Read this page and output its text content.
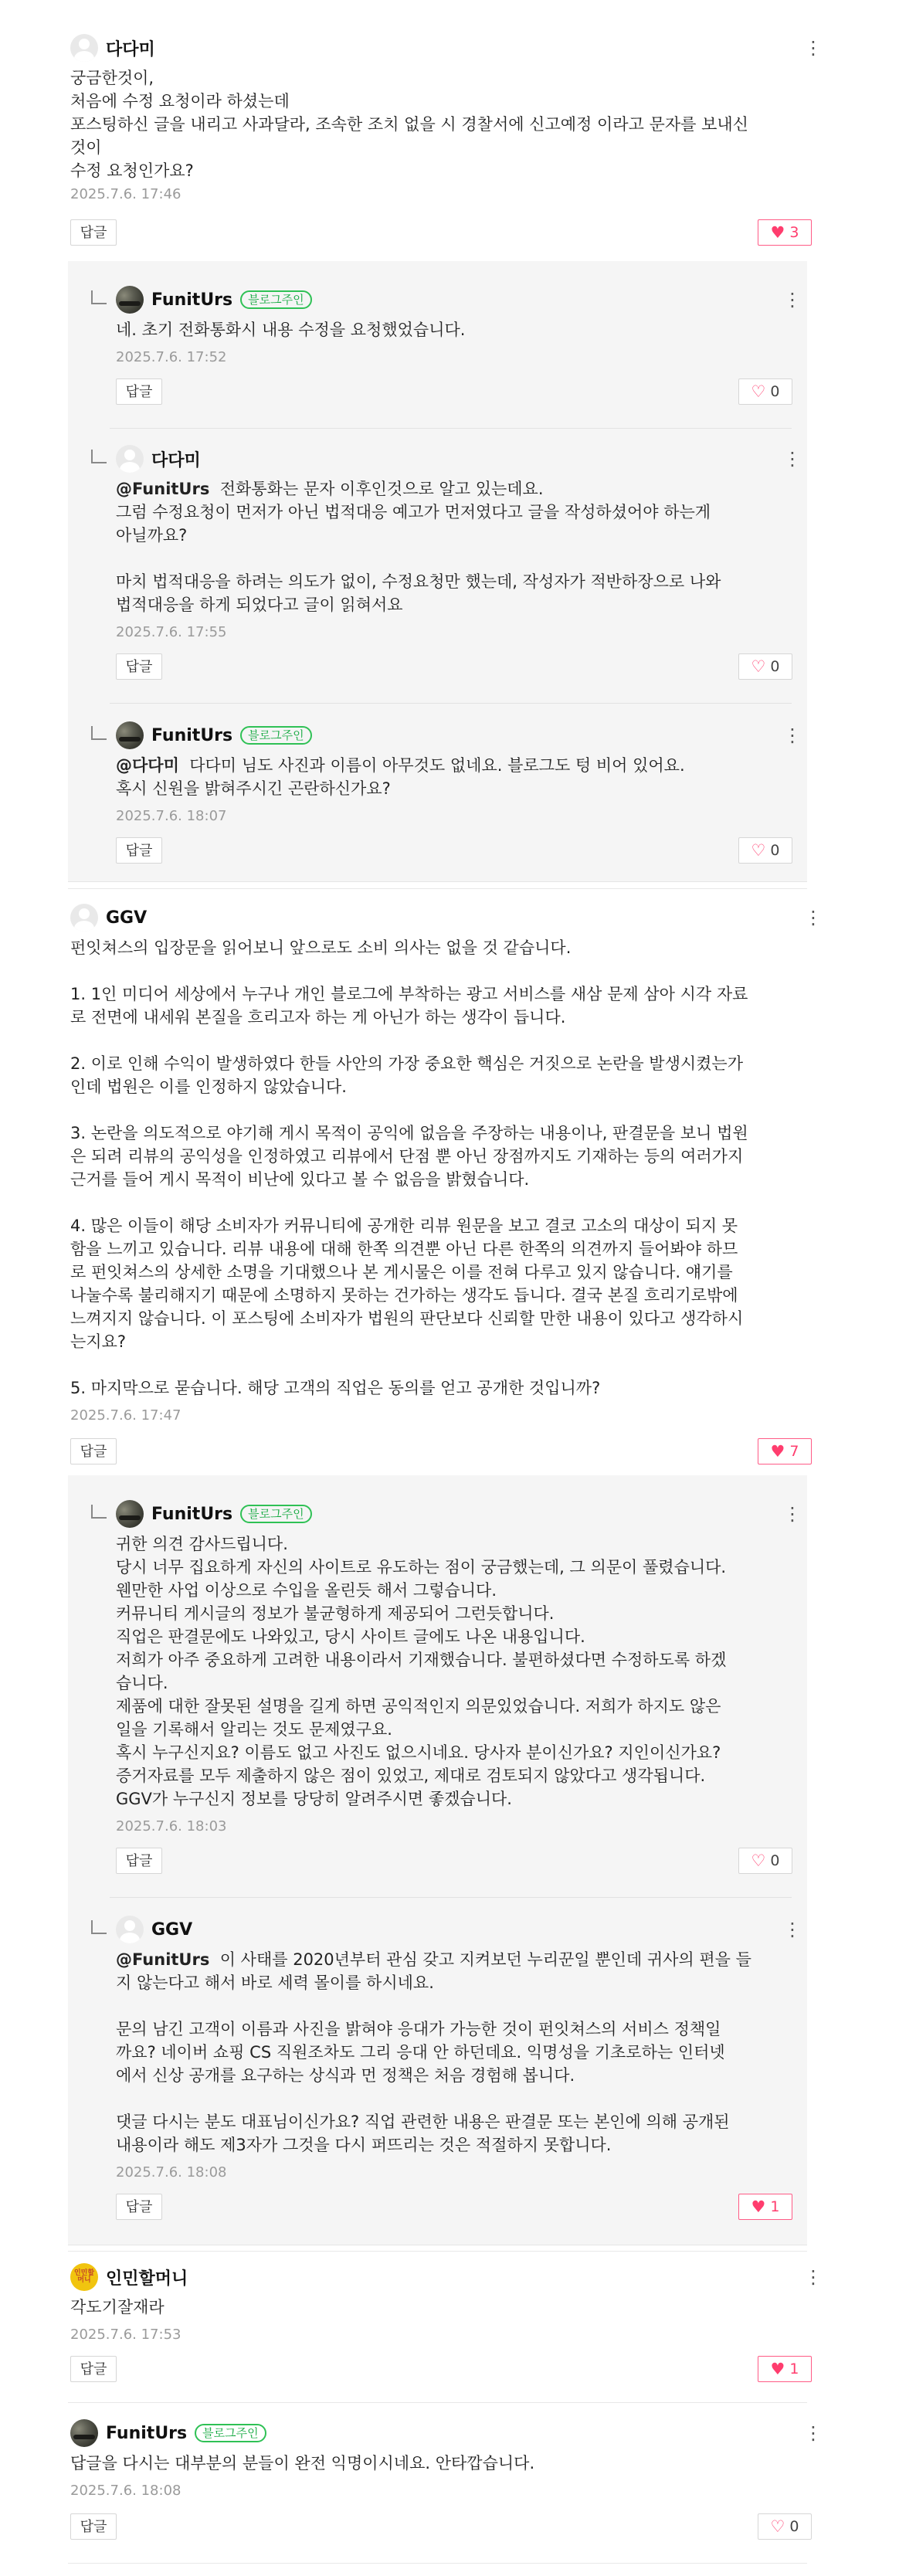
다다미
⋮
궁금한것이,
처음에 수정 요청이라 하셨는데
포스팅하신 글을 내리고 사과달라, 조속한 조치 없을 시 경찰서에 신고예정 이라고 문자를 보내신
것이
수정 요청인가요?
2025.7.6. 17:46
답글	♥ 3
FunitUrs	블로그주인
⋮
네. 초기 전화통화시 내용 수정을 요청했었습니다.
2025.7.6. 17:52
답글	♡ 0
다다미
⋮
@FunitUrs  전화통화는 문자 이후인것으로 알고 있는데요.
그럼 수정요청이 먼저가 아닌 법적대응 예고가 먼저였다고 글을 작성하셨어야 하는게
아닐까요?

마치 법적대응을 하려는 의도가 없이, 수정요청만 했는데, 작성자가 적반하장으로 나와
법적대응을 하게 되었다고 글이 읽혀서요
2025.7.6. 17:55
답글	♡ 0
FunitUrs	블로그주인
⋮
@다다미  다다미 님도 사진과 이름이 아무것도 없네요. 블로그도 텅 비어 있어요.
혹시 신원을 밝혀주시긴 곤란하신가요?
2025.7.6. 18:07
답글	♡ 0
GGV
⋮
펀잇쳐스의 입장문을 읽어보니 앞으로도 소비 의사는 없을 것 같습니다.

1. 1인 미디어 세상에서 누구나 개인 블로그에 부착하는 광고 서비스를 새삼 문제 삼아 시각 자료
로 전면에 내세워 본질을 흐리고자 하는 게 아닌가 하는 생각이 듭니다.

2. 이로 인해 수익이 발생하였다 한들 사안의 가장 중요한 핵심은 거짓으로 논란을 발생시켰는가
인데 법원은 이를 인정하지 않았습니다.

3. 논란을 의도적으로 야기해 게시 목적이 공익에 없음을 주장하는 내용이나, 판결문을 보니 법원
은 되려 리뷰의 공익성을 인정하였고 리뷰에서 단점 뿐 아닌 장점까지도 기재하는 등의 여러가지
근거를 들어 게시 목적이 비난에 있다고 볼 수 없음을 밝혔습니다.

4. 많은 이들이 해당 소비자가 커뮤니티에 공개한 리뷰 원문을 보고 결코 고소의 대상이 되지 못
함을 느끼고 있습니다. 리뷰 내용에 대해 한쪽 의견뿐 아닌 다른 한쪽의 의견까지 들어봐야 하므
로 펀잇쳐스의 상세한 소명을 기대했으나 본 게시물은 이를 전혀 다루고 있지 않습니다. 얘기를
나눌수록 불리해지기 때문에 소명하지 못하는 건가하는 생각도 듭니다. 결국 본질 흐리기로밖에
느껴지지 않습니다. 이 포스팅에 소비자가 법원의 판단보다 신뢰할 만한 내용이 있다고 생각하시
는지요?

5. 마지막으로 묻습니다. 해당 고객의 직업은 동의를 얻고 공개한 것입니까?
2025.7.6. 17:47
답글	♥ 7
FunitUrs	블로그주인
⋮
귀한 의견 감사드립니다.
당시 너무 집요하게 자신의 사이트로 유도하는 점이 궁금했는데, 그 의문이 풀렸습니다.
웬만한 사업 이상으로 수입을 올린듯 해서 그렇습니다.
커뮤니티 게시글의 정보가 불균형하게 제공되어 그런듯합니다.
직업은 판결문에도 나와있고, 당시 사이트 글에도 나온 내용입니다.
저희가 아주 중요하게 고려한 내용이라서 기재했습니다. 불편하셨다면 수정하도록 하겠
습니다.
제품에 대한 잘못된 설명을 길게 하면 공익적인지 의문있었습니다. 저희가 하지도 않은
일을 기록해서 알리는 것도 문제였구요.
혹시 누구신지요? 이름도 없고 사진도 없으시네요. 당사자 분이신가요? 지인이신가요?
증거자료를 모두 제출하지 않은 점이 있었고, 제대로 검토되지 않았다고 생각됩니다.
GGV가 누구신지 정보를 당당히 알려주시면 좋겠습니다.
2025.7.6. 18:03
답글	♡ 0
GGV
⋮
@FunitUrs  이 사태를 2020년부터 관심 갖고 지켜보던 누리꾼일 뿐인데 귀사의 편을 들
지 않는다고 해서 바로 세력 몰이를 하시네요.

문의 남긴 고객이 이름과 사진을 밝혀야 응대가 가능한 것이 펀잇쳐스의 서비스 정책일
까요? 네이버 쇼핑 CS 직원조차도 그리 응대 안 하던데요. 익명성을 기초로하는 인터넷
에서 신상 공개를 요구하는 상식과 먼 정책은 처음 경험해 봅니다.

댓글 다시는 분도 대표님이신가요? 직업 관련한 내용은 판결문 또는 본인에 의해 공개된
내용이라 해도 제3자가 그것을 다시 퍼뜨리는 것은 적절하지 못합니다.
2025.7.6. 18:08
답글	♥ 1
인민할
머니 인민할머니
⋮
각도기잘재라
2025.7.6. 17:53
답글	♥ 1
FunitUrs	블로그주인
⋮
답글을 다시는 대부분의 분들이 완전 익명이시네요. 안타깝습니다.
2025.7.6. 18:08
답글	♡ 0
